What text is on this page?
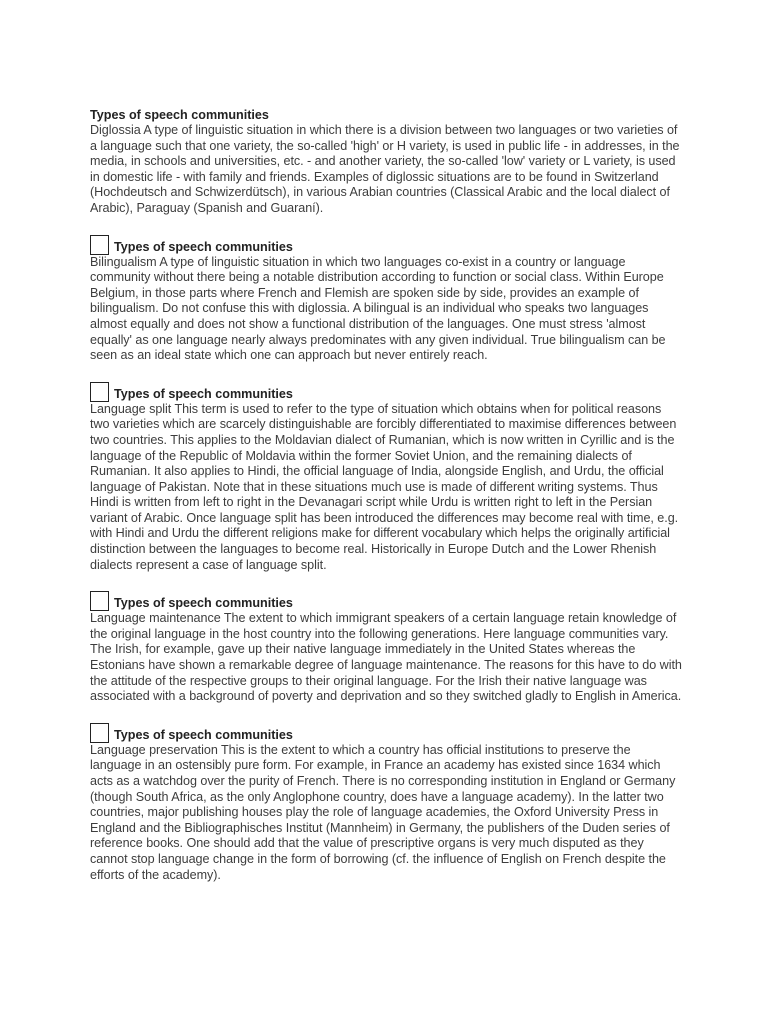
Types of speech communities

Diglossia A type of linguistic situation in which there is a division between two languages or two varieties of a language such that one variety, the so-called 'high' or H variety, is used in public life - in addresses, in the media, in schools and universities, etc. - and another variety, the so-called 'low' variety or L variety, is used in domestic life - with family and friends. Examples of diglossic situations are to be found in Switzerland (Hochdeutsch and Schwizerdütsch), in various Arabian countries (Classical Arabic and the local dialect of Arabic), Paraguay (Spanish and Guaraní).

Types of speech communities

Bilingualism A type of linguistic situation in which two languages co-exist in a country or language community without there being a notable distribution according to function or social class. Within Europe Belgium, in those parts where French and Flemish are spoken side by side, provides an example of bilingualism. Do not confuse this with diglossia. A bilingual is an individual who speaks two languages almost equally and does not show a functional distribution of the languages. One must stress 'almost equally' as one language nearly always predominates with any given individual. True bilingualism can be seen as an ideal state which one can approach but never entirely reach.

Types of speech communities

Language split This term is used to refer to the type of situation which obtains when for political reasons two varieties which are scarcely distinguishable are forcibly differentiated to maximise differences between two countries. This applies to the Moldavian dialect of Rumanian, which is now written in Cyrillic and is the language of the Republic of Moldavia within the former Soviet Union, and the remaining dialects of Rumanian. It also applies to Hindi, the official language of India, alongside English, and Urdu, the official language of Pakistan. Note that in these situations much use is made of different writing systems. Thus Hindi is written from left to right in the Devanagari script while Urdu is written right to left in the Persian variant of Arabic. Once language split has been introduced the differences may become real with time, e.g. with Hindi and Urdu the different religions make for different vocabulary which helps the originally artificial distinction between the languages to become real. Historically in Europe Dutch and the Lower Rhenish dialects represent a case of language split.

Types of speech communities

Language maintenance The extent to which immigrant speakers of a certain language retain knowledge of the original language in the host country into the following generations. Here language communities vary. The Irish, for example, gave up their native language immediately in the United States whereas the Estonians have shown a remarkable degree of language maintenance. The reasons for this have to do with the attitude of the respective groups to their original language. For the Irish their native language was associated with a background of poverty and deprivation and so they switched gladly to English in America.

Types of speech communities

Language preservation This is the extent to which a country has official institutions to preserve the language in an ostensibly pure form. For example, in France an academy has existed since 1634 which acts as a watchdog over the purity of French. There is no corresponding institution in England or Germany (though South Africa, as the only Anglophone country, does have a language academy). In the latter two countries, major publishing houses play the role of language academies, the Oxford University Press in England and the Bibliographisches Institut (Mannheim) in Germany, the publishers of the Duden series of reference books. One should add that the value of prescriptive organs is very much disputed as they cannot stop language change in the form of borrowing (cf. the influence of English on French despite the efforts of the academy).
